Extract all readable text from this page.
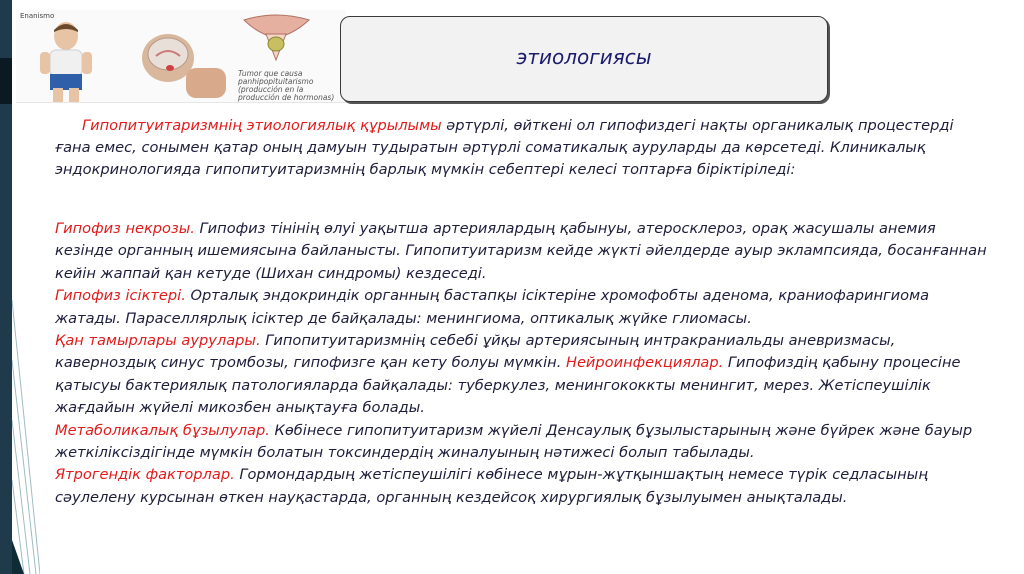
Enanismo
Tumor que causa panhipopituitarismo (producción en la producción de hormonas)
этиологиясы
Гипопитуитаризмнің этиологиялық құрылымы әртүрлі, өйткені ол гипофиздегі нақты органикалық процестерді ғана емес, сонымен қатар оның дамуын тудыратын әртүрлі соматикалық ауруларды да көрсетеді. Клиникалық эндокринологияда гипопитуитаризмнің барлық мүмкін себептері келесі топтарға біріктіріледі:
Гипофиз некрозы. Гипофиз тінінің өлуі уақытша артериялардың қабынуы, атеросклероз, орақ жасушалы анемия кезінде органның ишемиясына байланысты. Гипопитуитаризм кейде жүкті әйелдерде ауыр эклампсияда, босанғаннан кейін жаппай қан кетуде (Шихан синдромы) кездеседі.
Гипофиз ісіктері. Орталық эндокриндік органның бастапқы ісіктеріне хромофобты аденома, краниофарингиома жатады. Параселлярлық ісіктер де байқалады: менингиома, оптикалық жүйке глиомасы.
Қан тамырлары аурулары. Гипопитуитаризмнің себебі ұйқы артериясының интракраниальды аневризмасы, каверноздық синус тромбозы, гипофизге қан кету болуы мүмкін. Нейроинфекциялар. Гипофиздің қабыну процесіне қатысуы бактериялық патологияларда байқалады: туберкулез, менингококкты менингит, мерез. Жетіспеушілік жағдайын жүйелі микозбен анықтауға болады.
Метаболикалық бұзылулар. Көбінесе гипопитуитаризм жүйелі Денсаулық бұзылыстарының және бүйрек және бауыр жеткіліксіздігінде мүмкін болатын токсиндердің жиналуының нәтижесі болып табылады.
Ятрогендік факторлар. Гормондардың жетіспеушілігі көбінесе мұрын-жұтқыншақтың немесе түрік седласының сәулелену курсынан өткен науқастарда, органның кездейсоқ хирургиялық бұзылуымен анықталады.
